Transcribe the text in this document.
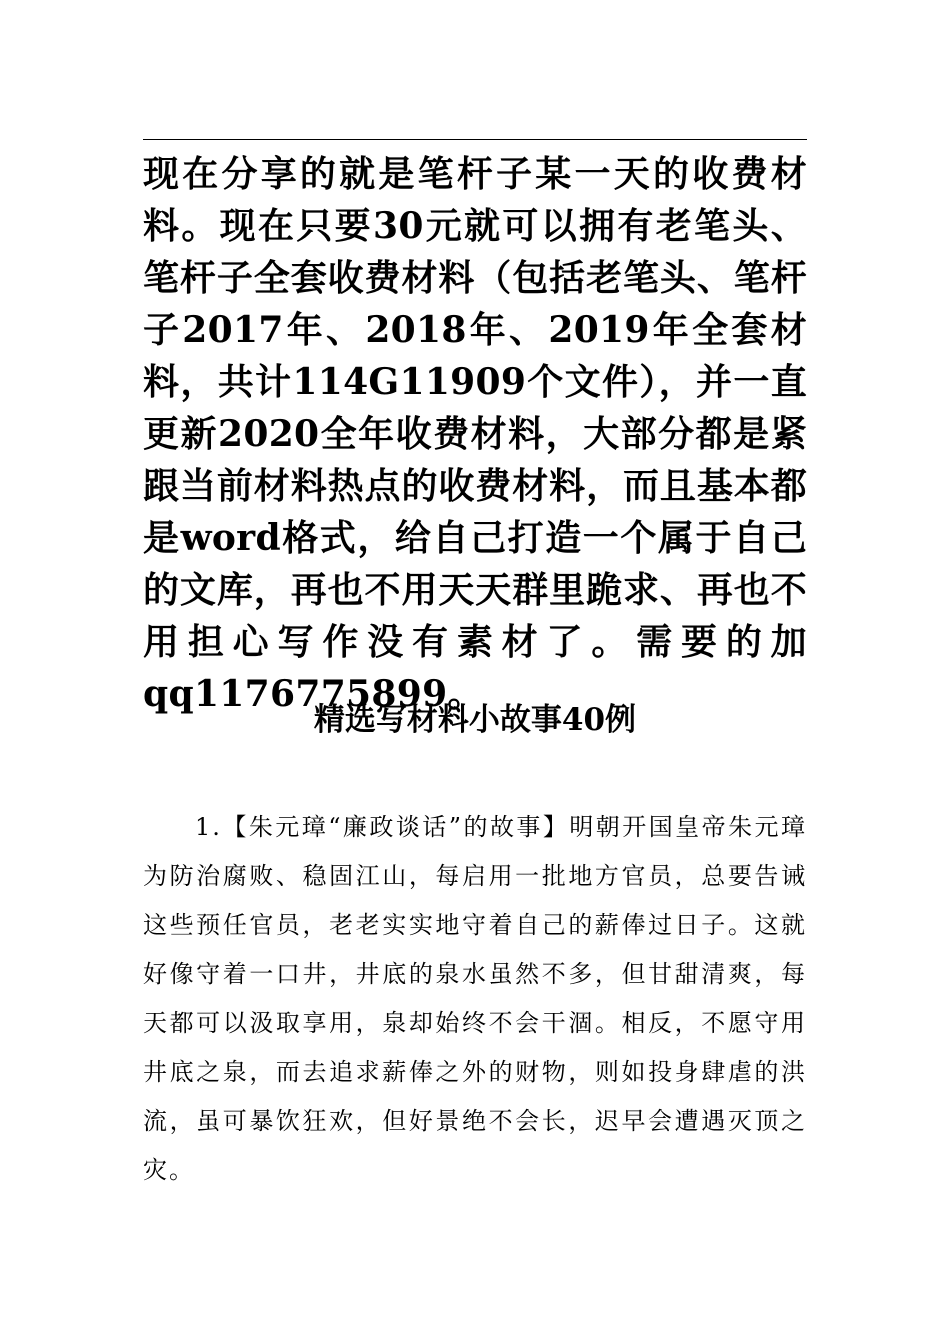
现在分享的就是笔杆子某一天的收费材料。现在只要30元就可以拥有老笔头、笔杆子全套收费材料（包括老笔头、笔杆子2017年、2018年、2019年全套材料，共计114G11909个文件），并一直更新2020全年收费材料，大部分都是紧跟当前材料热点的收费材料，而且基本都是word格式，给自己打造一个属于自己的文库，再也不用天天群里跪求、再也不用担心写作没有素材了。需要的加qq1176775899。

精选写材料小故事40例

1.【朱元璋“廉政谈话”的故事】明朝开国皇帝朱元璋为防治腐败、稳固江山，每启用一批地方官员，总要告诫这些预任官员，老老实实地守着自己的薪俸过日子。这就好像守着一口井，井底的泉水虽然不多，但甘甜清爽，每天都可以汲取享用，泉却始终不会干涸。相反，不愿守用井底之泉，而去追求薪俸之外的财物，则如投身肆虐的洪流，虽可暴饮狂欢，但好景绝不会长，迟早会遭遇灭顶之灾。
